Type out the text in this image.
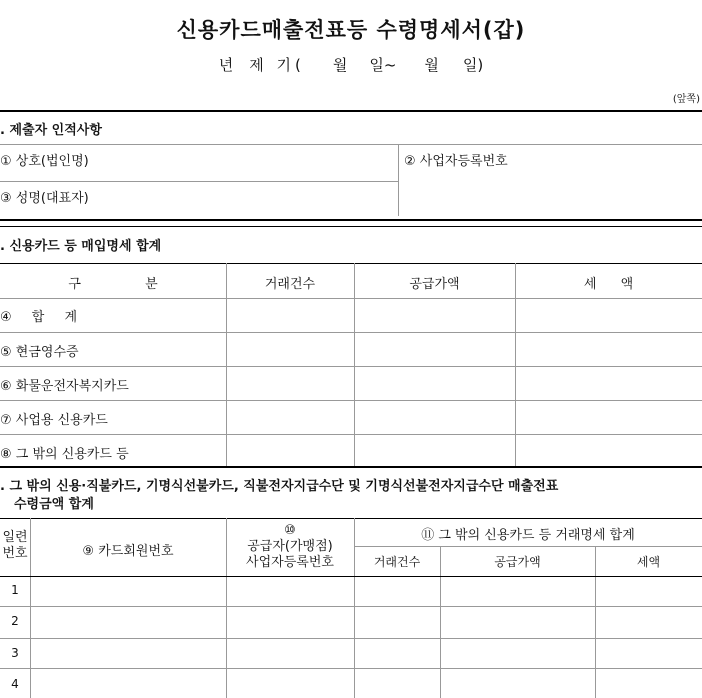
신용카드매출전표등 수령명세서(갑)
년 제 기( 월 일~ 월 일)
(앞쪽)
. 제출자 인적사항
① 상호(법인명)	② 사업자등록번호
③ 성명(대표자)
. 신용카드 등 매입명세 합계
구 분	거래건수	공급가액	세 액
④ 합 계
⑤ 현금영수증
⑥ 화물운전자복지카드
⑦ 사업용 신용카드
⑧ 그 밖의 신용카드 등
. 그 밖의 신용·직불카드, 기명식선불카드, 직불전자지급수단 및 기명식선불전자지급수단 매출전표
수령금액 합계
일련
번호	⑨ 카드회원번호
⑩
공급자(가맹점)
사업자등록번호
⑪ 그 밖의 신용카드 등 거래명세 합계
거래건수	공급가액	세액
1
2
3
4
